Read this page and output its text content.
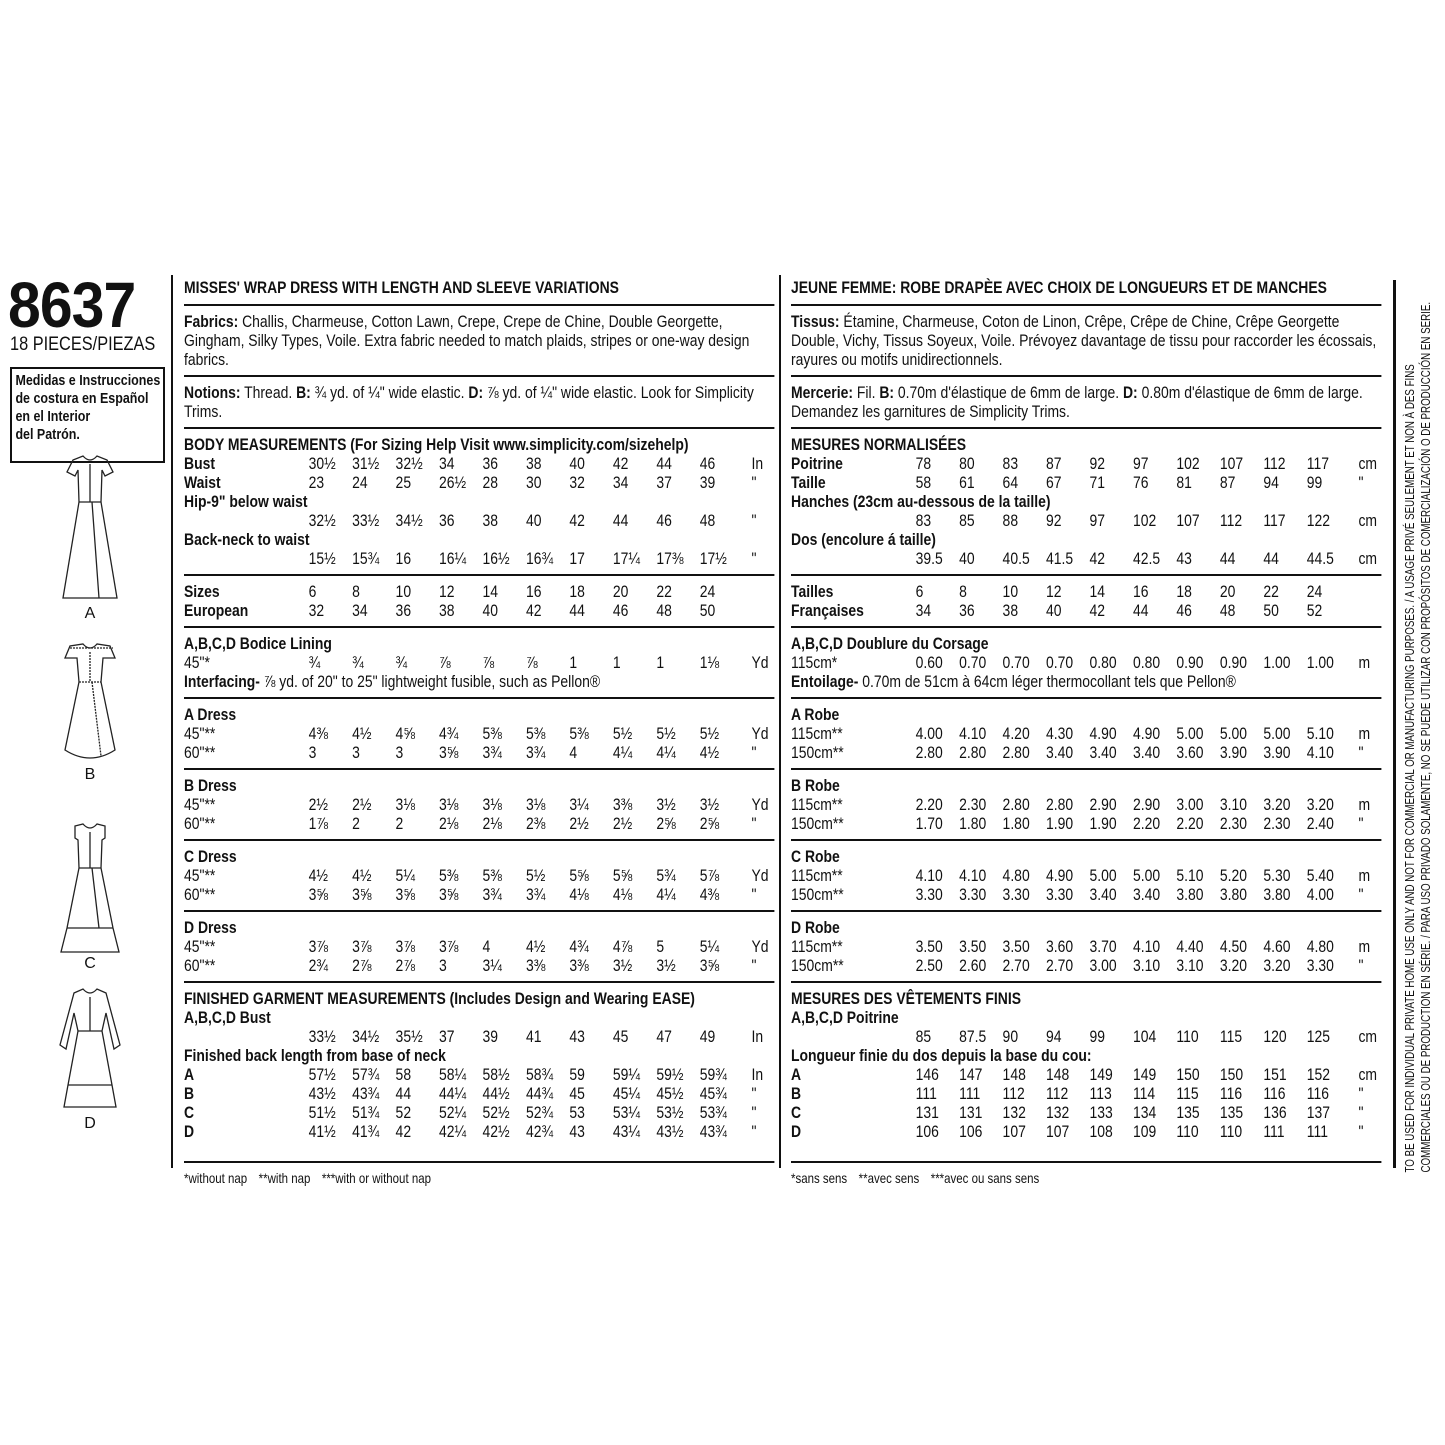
8637
18 PIECES/PIEZAS
Medidas e Instrucciones
de costura en Español
en el Interior
del Patrón.
A
B
C
D
MISSES' WRAP DRESS WITH LENGTH AND SLEEVE VARIATIONS

Fabrics: Challis, Charmeuse, Cotton Lawn, Crepe, Crepe de Chine, Double Georgette, Gingham, Silky Types, Voile. Extra fabric needed to match plaids, stripes or one-way design fabrics.

Notions: Thread. B: ¾ yd. of ¼" wide elastic. D: ⅞ yd. of ¼" wide elastic. Look for Simplicity Trims.

BODY MEASUREMENTS (For Sizing Help Visit www.simplicity.com/sizehelp)
Bust	30½ 31½ 32½ 34 36 38 40 42 44 46 In
Waist	23 24 25 26½ 28 30 32 34 37 39 "
Hip-9" below waist
32½ 33½ 34½ 36 38 40 42 44 46 48 "
Back-neck to waist
15½ 15¾ 16 16¼ 16½ 16¾ 17 17¼ 17⅜ 17½ "
Sizes	6 8 10 12 14 16 18 20 22 24
European	32 34 36 38 40 42 44 46 48 50
A,B,C,D Bodice Lining
45"*	¾ ¾ ¾ ⅞ ⅞ ⅞ 1 1 1 1⅛ Yd
Interfacing- ⅞ yd. of 20" to 25" lightweight fusible, such as Pellon®
A Dress
45"**	4⅜ 4½ 4⅝ 4¾ 5⅜ 5⅜ 5⅜ 5½ 5½ 5½ Yd
60"**	3 3 3 3⅝ 3¾ 3¾ 4 4¼ 4¼ 4½ "
B Dress
45"**	2½ 2½ 3⅛ 3⅛ 3⅛ 3⅛ 3¼ 3⅜ 3½ 3½ Yd
60"**	1⅞ 2 2 2⅛ 2⅛ 2⅜ 2½ 2½ 2⅝ 2⅝ "
C Dress
45"**	4½ 4½ 5¼ 5⅜ 5⅜ 5½ 5⅝ 5⅝ 5¾ 5⅞ Yd
60"**	3⅝ 3⅝ 3⅝ 3⅝ 3¾ 3¾ 4⅛ 4⅛ 4¼ 4⅜ "
D Dress
45"**	3⅞ 3⅞ 3⅞ 3⅞ 4 4½ 4¾ 4⅞ 5 5¼ Yd
60"**	2¾ 2⅞ 2⅞ 3 3¼ 3⅜ 3⅜ 3½ 3½ 3⅝ "
FINISHED GARMENT MEASUREMENTS (Includes Design and Wearing EASE)
A,B,C,D Bust
33½ 34½ 35½ 37 39 41 43 45 47 49 In
Finished back length from base of neck
A	57½ 57¾ 58 58¼ 58½ 58¾ 59 59¼ 59½ 59¾ In
B	43½ 43¾ 44 44¼ 44½ 44¾ 45 45¼ 45½ 45¾ "
C	51½ 51¾ 52 52¼ 52½ 52¾ 53 53¼ 53½ 53¾ "
D	41½ 41¾ 42 42¼ 42½ 42¾ 43 43¼ 43½ 43¾ "
*without nap **with nap ***with or without nap
JEUNE FEMME: ROBE DRAPÈE AVEC CHOIX DE LONGUEURS ET DE MANCHES

Tissus: Étamine, Charmeuse, Coton de Linon, Crêpe, Crêpe de Chine, Crêpe Georgette Double, Vichy, Tissus Soyeux, Voile. Prévoyez davantage de tissu pour raccorder les écossais, rayures ou motifs unidirectionnels.

Mercerie: Fil. B: 0.70m d'élastique de 6mm de large. D: 0.80m d'élastique de 6mm de large. Demandez les garnitures de Simplicity Trims.

MESURES NORMALISÉES
Poitrine	78 80 83 87 92 97 102 107 112 117 cm
Taille	58 61 64 67 71 76 81 87 94 99 "
Hanches (23cm au-dessous de la taille)
83 85 88 92 97 102 107 112 117 122 cm
Dos (encolure á taille)
39.5 40 40.5 41.5 42 42.5 43 44 44 44.5 cm
Tailles	6 8 10 12 14 16 18 20 22 24
Françaises	34 36 38 40 42 44 46 48 50 52
A,B,C,D Doublure du Corsage
115cm*	0.60 0.70 0.70 0.70 0.80 0.80 0.90 0.90 1.00 1.00 m
Entoilage- 0.70m de 51cm à 64cm léger thermocollant tels que Pellon®
A Robe
115cm**	4.00 4.10 4.20 4.30 4.90 4.90 5.00 5.00 5.00 5.10 m
150cm**	2.80 2.80 2.80 3.40 3.40 3.40 3.60 3.90 3.90 4.10 "
B Robe
115cm**	2.20 2.30 2.80 2.80 2.90 2.90 3.00 3.10 3.20 3.20 m
150cm**	1.70 1.80 1.80 1.90 1.90 2.20 2.20 2.30 2.30 2.40 "
C Robe
115cm**	4.10 4.10 4.80 4.90 5.00 5.00 5.10 5.20 5.30 5.40 m
150cm**	3.30 3.30 3.30 3.30 3.40 3.40 3.80 3.80 3.80 4.00 "
D Robe
115cm**	3.50 3.50 3.50 3.60 3.70 4.10 4.40 4.50 4.60 4.80 m
150cm**	2.50 2.60 2.70 2.70 3.00 3.10 3.10 3.20 3.20 3.30 "
MESURES DES VÊTEMENTS FINIS
A,B,C,D Poitrine
85 87.5 90 94 99 104 110 115 120 125 cm
Longueur finie du dos depuis la base du cou:
A	146 147 148 148 149 149 150 150 151 152 cm
B	111 111 112 112 113 114 115 116 116 116 "
C	131 131 132 132 133 134 135 135 136 137 "
D	106 106 107 107 108 109 110 110 111 111 "
*sans sens **avec sens ***avec ou sans sens
TO BE USED FOR INDIVIDUAL PRIVATE HOME USE ONLY AND NOT FOR COMMERCIAL OR MANUFACTURING PURPOSES. / A USAGE PRIVÉ SEULEMENT ET NON À DES FINS COMMERCIALES OU DE PRODUCTION EN SÉRIE. / PARA USO PRIVADO SOLAMENTE, NO SE PUEDE UTILIZAR CON PROPÓSITOS DE COMERCIALIZACIÓN O DE PRODUCCIÓN EN SERIE.
